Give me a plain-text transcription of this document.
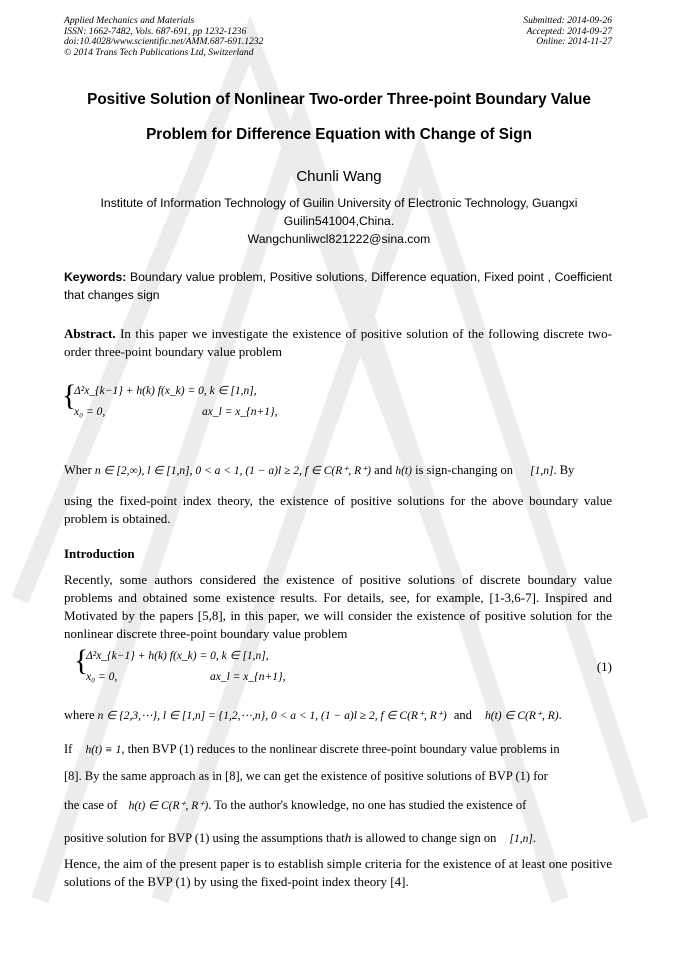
Applied Mechanics and Materials
ISSN: 1662-7482, Vols. 687-691, pp 1232-1236
doi:10.4028/www.scientific.net/AMM.687-691.1232
© 2014 Trans Tech Publications Ltd, Switzerland
Submitted: 2014-09-26
Accepted: 2014-09-27
Online: 2014-11-27
Positive Solution of Nonlinear Two-order Three-point Boundary Value
Problem for Difference Equation with Change of Sign
Chunli Wang
Institute of Information Technology of Guilin University of Electronic Technology, Guangxi
Guilin541004,China.
Wangchunliwcl821222@sina.com
Keywords: Boundary value problem, Positive solutions, Difference equation, Fixed point , Coefficient that changes sign
Abstract. In this paper we investigate the existence of positive solution of the following discrete two-order three-point boundary value problem
{
Δ²x_{k−1} + h(k) f(x_k) = 0, k ∈ [1,n],
x₀ = 0,	ax_l = x_{n+1},
Wher n ∈ [2,∞), l ∈ [1,n], 0 < a < 1, (1 − a)l ≥ 2, f ∈ C(R⁺, R⁺) and h(t) is sign-changing on [1,n]. By
using the fixed-point index theory, the existence of positive solutions for the above boundary value problem is obtained.
Introduction
Recently, some authors considered the existence of positive solutions of discrete boundary value problems and obtained some existence results. For details, see, for example, [1-3,6-7]. Inspired and Motivated by the papers [5,8], in this paper, we will consider the existence of positive solution for the nonlinear discrete three-point boundary value problem
{
Δ²x_{k−1} + h(k) f(x_k) = 0, k ∈ [1,n],
x₀ = 0,	ax_l = x_{n+1},
(1)
where n ∈ {2,3,⋯}, l ∈ [1,n] = {1,2,⋯,n}, 0 < a < 1, (1 − a)l ≥ 2, f ∈ C(R⁺, R⁺) and h(t) ∈ C(R⁺, R).
If h(t) ≡ 1, then BVP (1) reduces to the nonlinear discrete three-point boundary value problems in
[8]. By the same approach as in [8], we can get the existence of positive solutions of BVP (1) for
the case of h(t) ∈ C(R⁺, R⁺). To the author's knowledge, no one has studied the existence of
positive solution for BVP (1) using the assumptions thath is allowed to change sign on [1,n].
Hence, the aim of the present paper is to establish simple criteria for the existence of at least one positive solutions of the BVP (1) by using the fixed-point index theory [4].
